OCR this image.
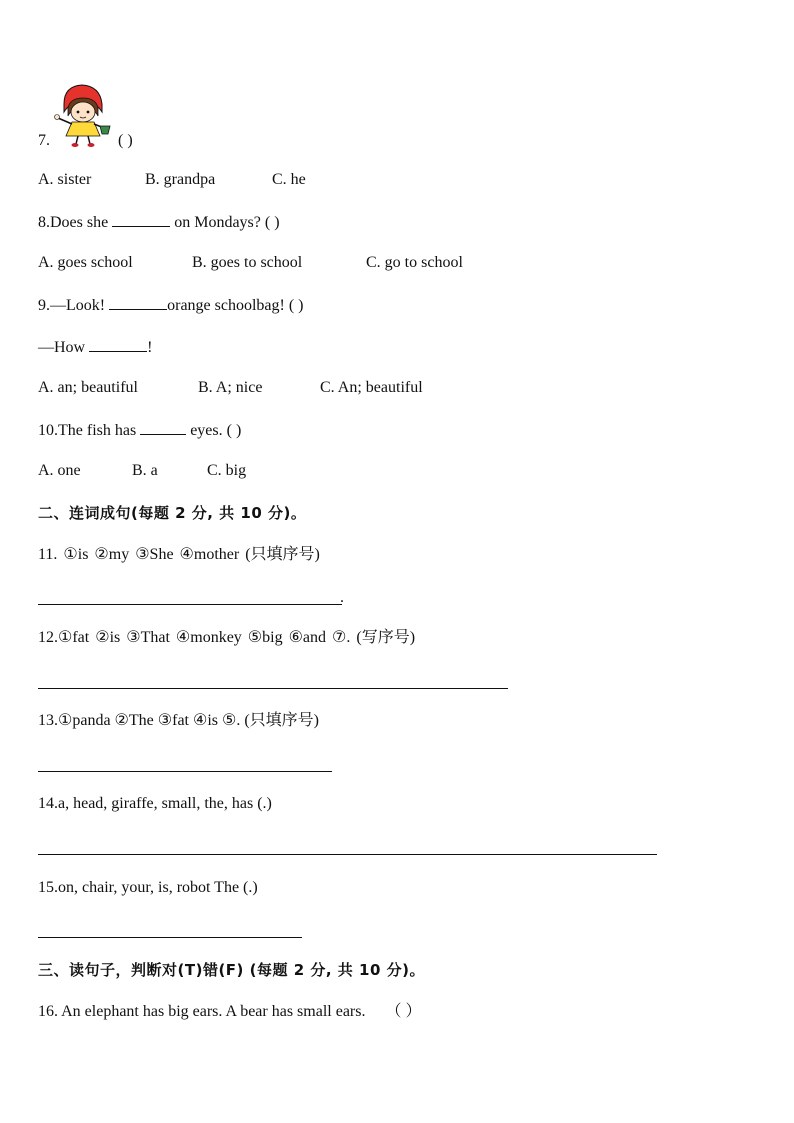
7.	( )
A. sister	B. grandpa	C. he
8.Does she	on Mondays? ( )
A. goes school	B. goes to school	C. go to school
9.—Look!	orange schoolbag! ( )
—How	!
A. an; beautiful	B. A; nice	C. An; beautiful
10.The fish has	eyes. ( )
A. one	B. a	C. big
二、连词成句(每题 2 分, 共 10 分)。
11. ①is ②my ③She ④mother (只填序号)
.
12.①fat ②is ③That ④monkey ⑤big ⑥and ⑦. (写序号)
13.①panda ②The ③fat ④is ⑤. (只填序号)
14.a, head, giraffe, small, the, has (.)
15.on, chair, your, is, robot The (.)
三、读句子，判断对(T)错(F) (每题 2 分, 共 10 分)。
16. An elephant has big ears. A bear has small ears. （ ）
